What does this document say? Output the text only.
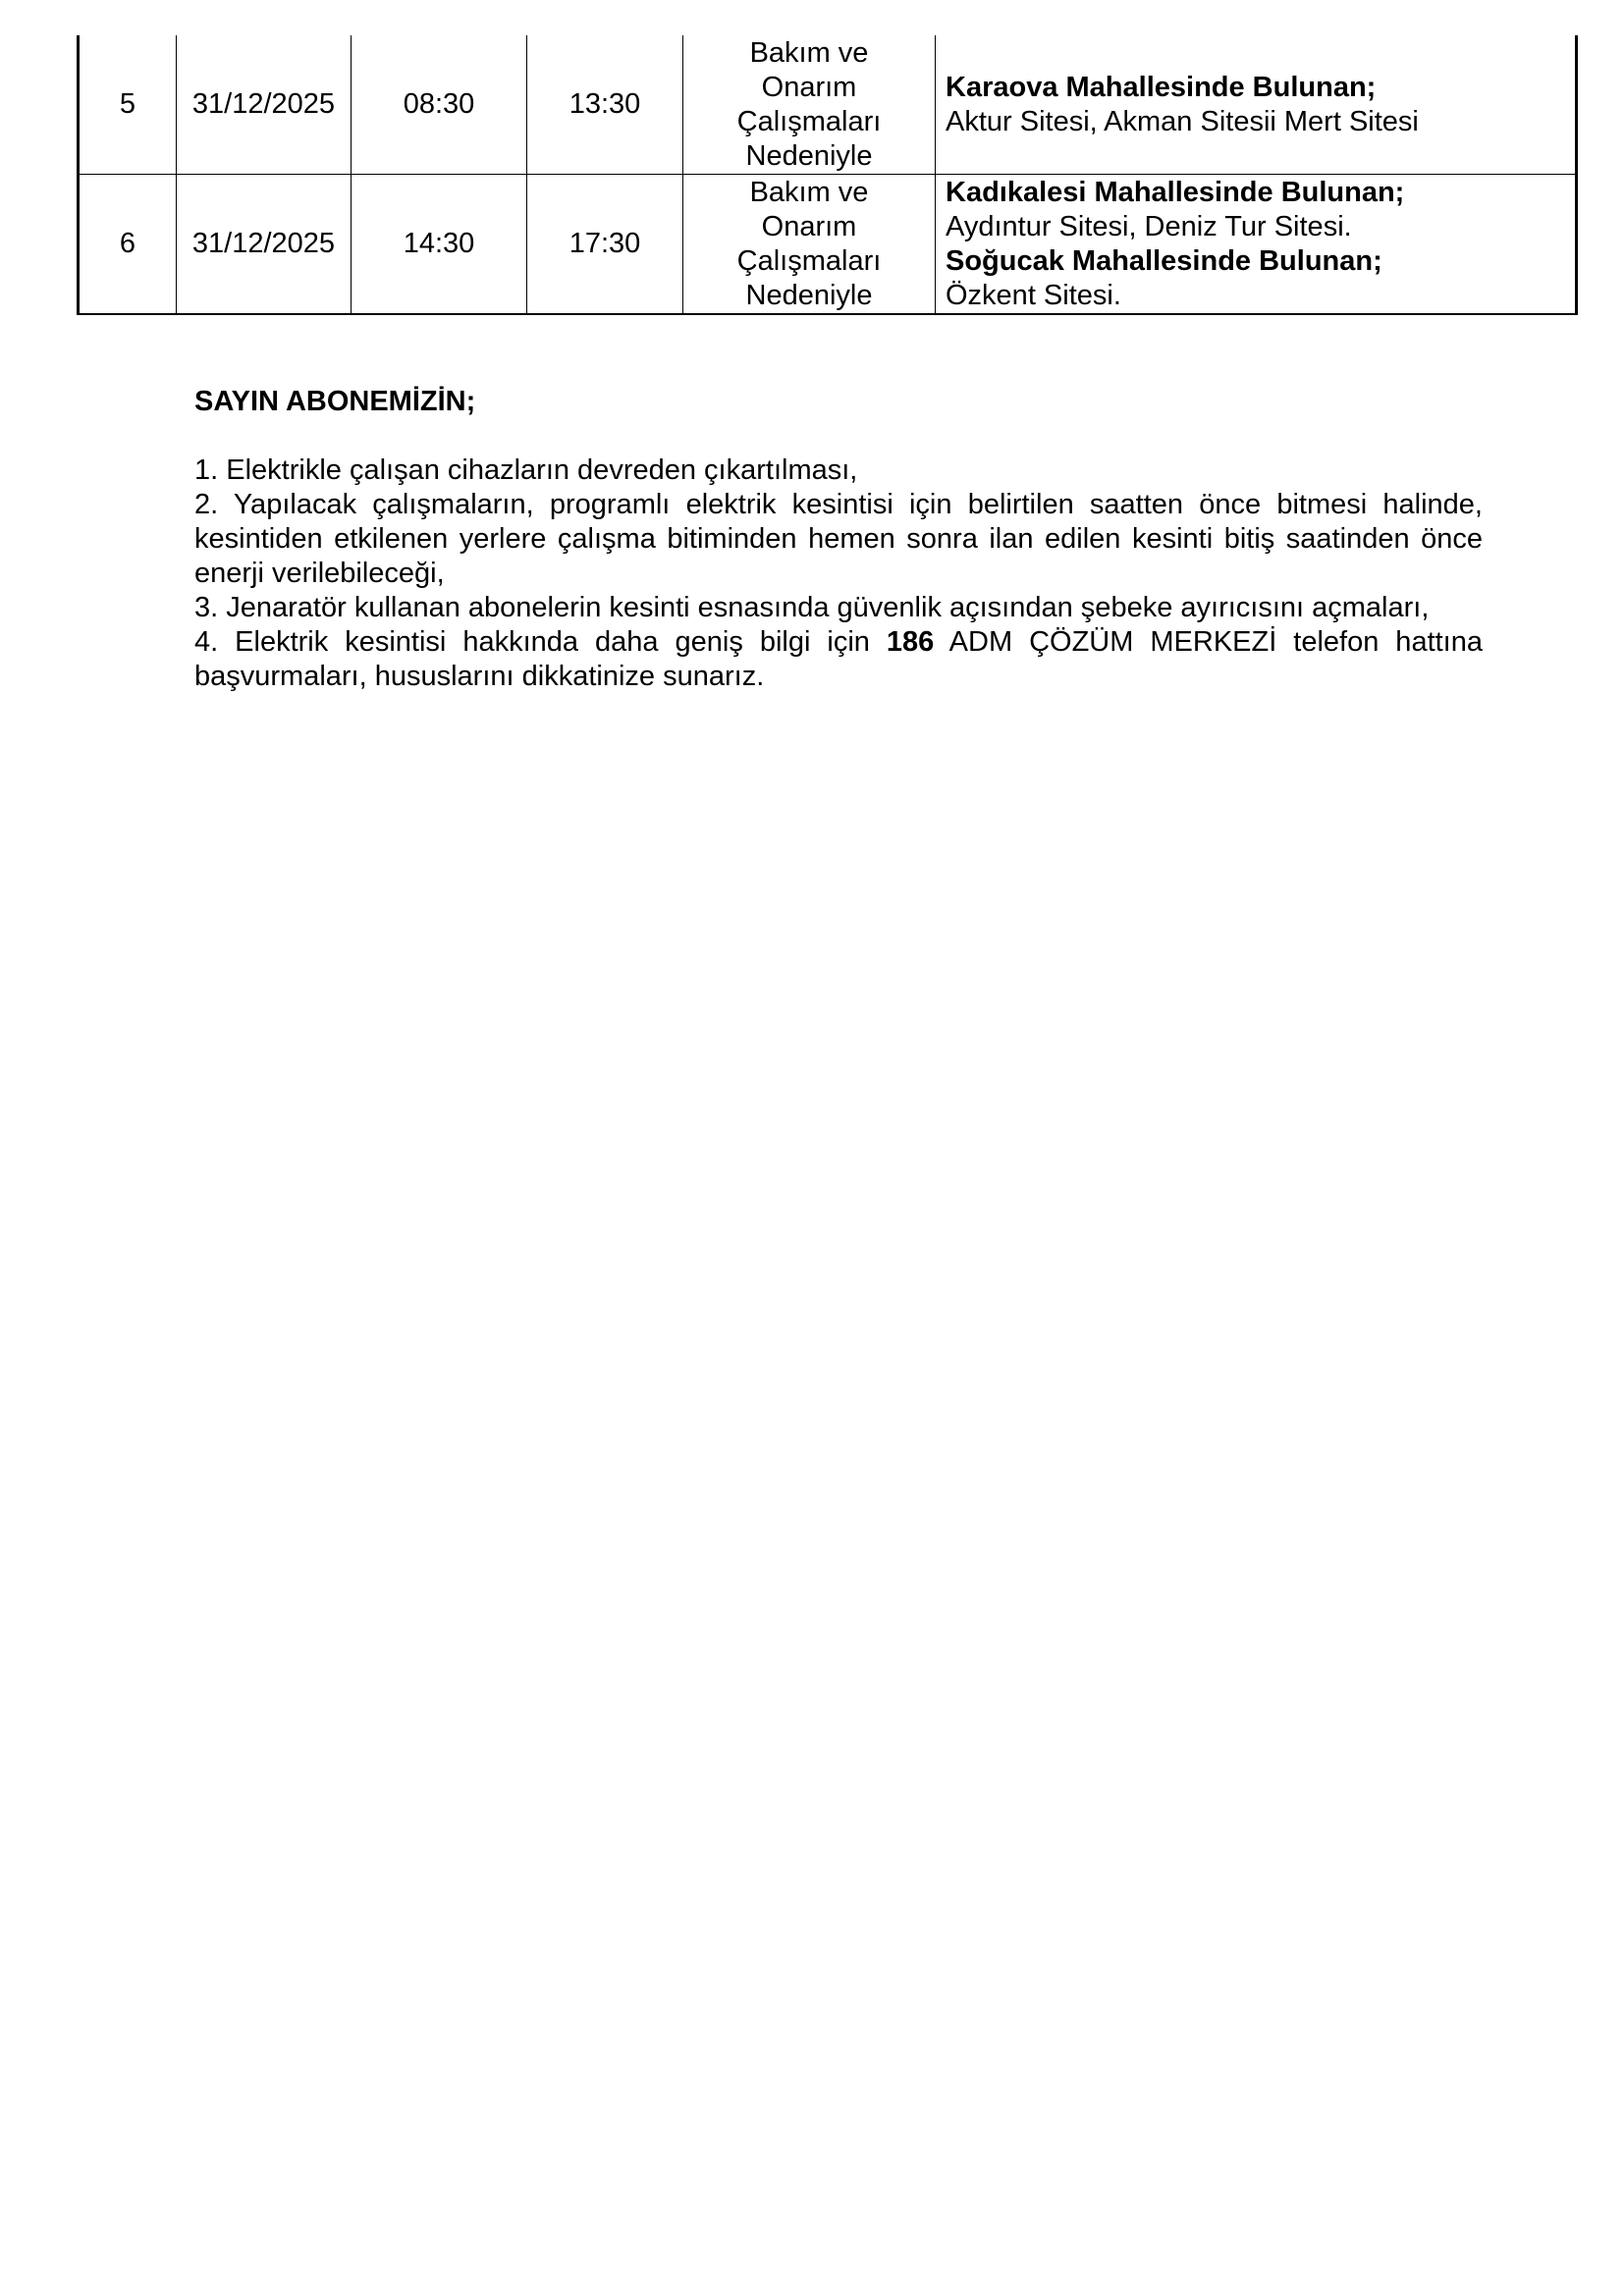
5	31/12/2025	08:30	13:30	Bakım ve
Onarım
Çalışmaları
Nedeniyle	Karaova Mahallesinde Bulunan;
Aktur Sitesi, Akman Sitesii Mert Sitesi

6	31/12/2025	14:30	17:30	Bakım ve
Onarım
Çalışmaları
Nedeniyle	Kadıkalesi Mahallesinde Bulunan;
Aydıntur Sitesi, Deniz Tur Sitesi.
Soğucak Mahallesinde Bulunan;
Özkent Sitesi.

SAYIN ABONEMİZİN;

1. Elektrikle çalışan cihazların devreden çıkartılması,

2. Yapılacak çalışmaların, programlı elektrik kesintisi için belirtilen saatten önce bitmesi halinde, kesintiden etkilenen yerlere çalışma bitiminden hemen sonra ilan edilen kesinti bitiş saatinden önce enerji verilebileceği,

3. Jenaratör kullanan abonelerin kesinti esnasında güvenlik açısından şebeke ayırıcısını açmaları,

4. Elektrik kesintisi hakkında daha geniş bilgi için 186 ADM ÇÖZÜM MERKEZİ telefon hattına başvurmaları, hususlarını dikkatinize sunarız.
